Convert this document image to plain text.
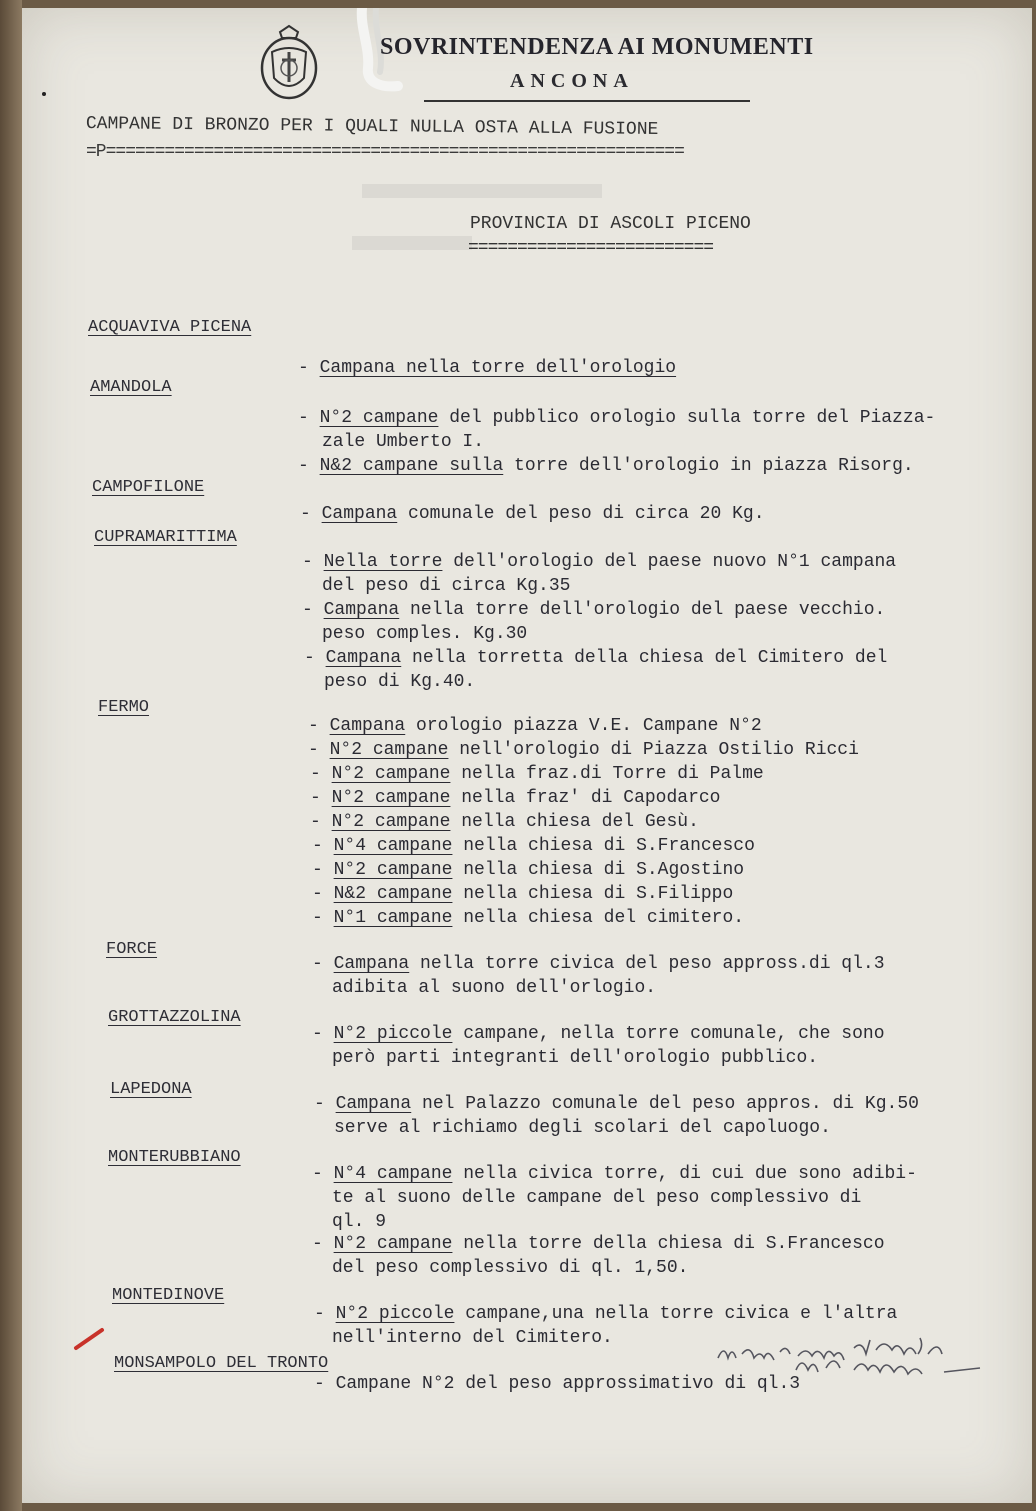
SOVRINTENDENZA AI MONUMENTI
ANCONA
CAMPANE DI BRONZO PER I QUALI NULLA OSTA ALLA FUSIONE
=P===========================================================
PROVINCIA DI ASCOLI PICENO
=========================
ACQUAVIVA PICENA
AMANDOLA
- Campana nella torre dell'orologio
CAMPOFILONE
- N°2 campane del pubblico orologio sulla torre del Piazza-
zale Umberto I.
- N&2 campane sulla torre dell'orologio in piazza Risorg.
CUPRAMARITTIMA
- Campana comunale del peso di circa 20 Kg.
- Nella torre dell'orologio del paese nuovo N°1 campana
del peso di circa Kg.35
- Campana nella torre dell'orologio del paese vecchio.
peso comples. Kg.30
- Campana nella torretta della chiesa del Cimitero del
peso di Kg.40.
FERMO
- Campana orologio piazza V.E. Campane N°2
- N°2 campane nell'orologio di Piazza Ostilio Ricci
- N°2 campane nella fraz.di Torre di Palme
- N°2 campane nella fraz' di Capodarco
- N°2 campane nella chiesa del Gesù.
- N°4 campane nella chiesa di S.Francesco
- N°2 campane nella chiesa di S.Agostino
- N&2 campane nella chiesa di S.Filippo
- N°1 campane nella chiesa del cimitero.
FORCE
- Campana nella torre civica del peso appross.di ql.3
adibita al suono dell'orlogio.
GROTTAZZOLINA
- N°2 piccole campane, nella torre comunale, che sono
però parti integranti dell'orologio pubblico.
LAPEDONA
- Campana nel Palazzo comunale del peso appros. di Kg.50
serve al richiamo degli scolari del capoluogo.
MONTERUBBIANO
- N°4 campane nella civica torre, di cui due sono adibi-
te al suono delle campane del peso complessivo di
ql. 9
- N°2 campane nella torre della chiesa di S.Francesco
del peso complessivo di ql. 1,50.
MONTEDINOVE
- N°2 piccole campane,una nella torre civica e l'altra
nell'interno del Cimitero.
MONSAMPOLO DEL TRONTO
- Campane N°2 del peso approssimativo di ql.3
